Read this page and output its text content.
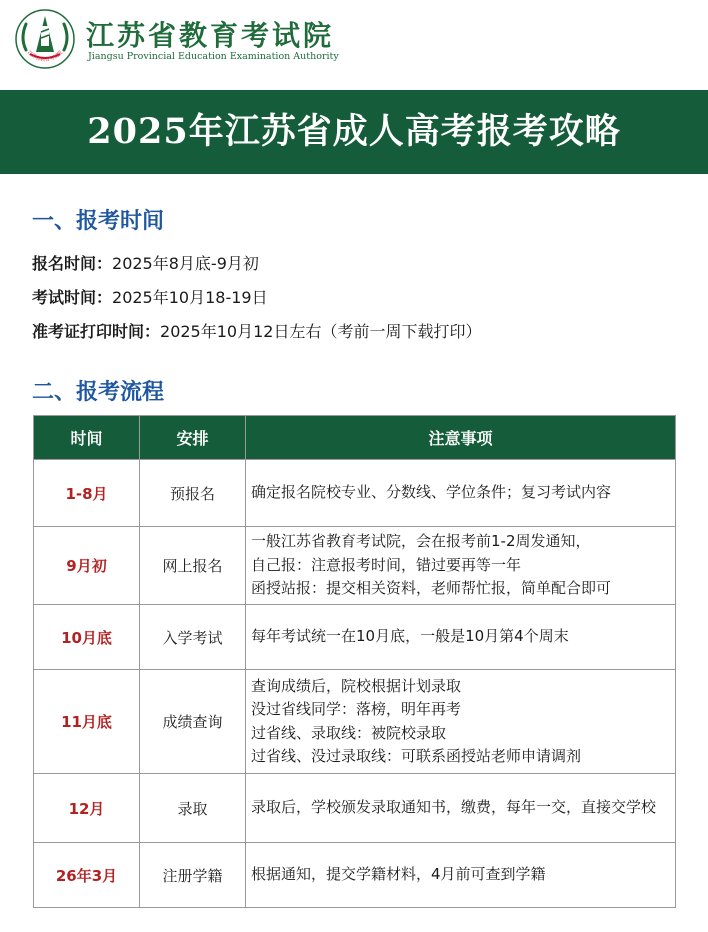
江苏省教育考试院
江苏省教育考试院
Jiangsu Provincial Education Examination Authority
2025年江苏省成人高考报考攻略
一、报考时间
报名时间：2025年8月底-9月初
考试时间：2025年10月18-19日
准考证打印时间：2025年10月12日左右（考前一周下载打印）
二、报考流程
时间	安排	注意事项
1-8月	预报名	确定报名院校专业、分数线、学位条件；复习考试内容

9月初	网上报名	一般江苏省教育考试院，会在报考前1-2周发通知，
自己报：注意报考时间，错过要再等一年
函授站报：提交相关资料，老师帮忙报，简单配合即可

10月底	入学考试	每年考试统一在10月底，一般是10月第4个周末

11月底	成绩查询	查询成绩后，院校根据计划录取
没过省线同学：落榜，明年再考
过省线、录取线：被院校录取
过省线、没过录取线：可联系函授站老师申请调剂

12月	录取	录取后，学校颁发录取通知书，缴费，每年一交，直接交学校

26年3月	注册学籍	根据通知，提交学籍材料，4月前可查到学籍
